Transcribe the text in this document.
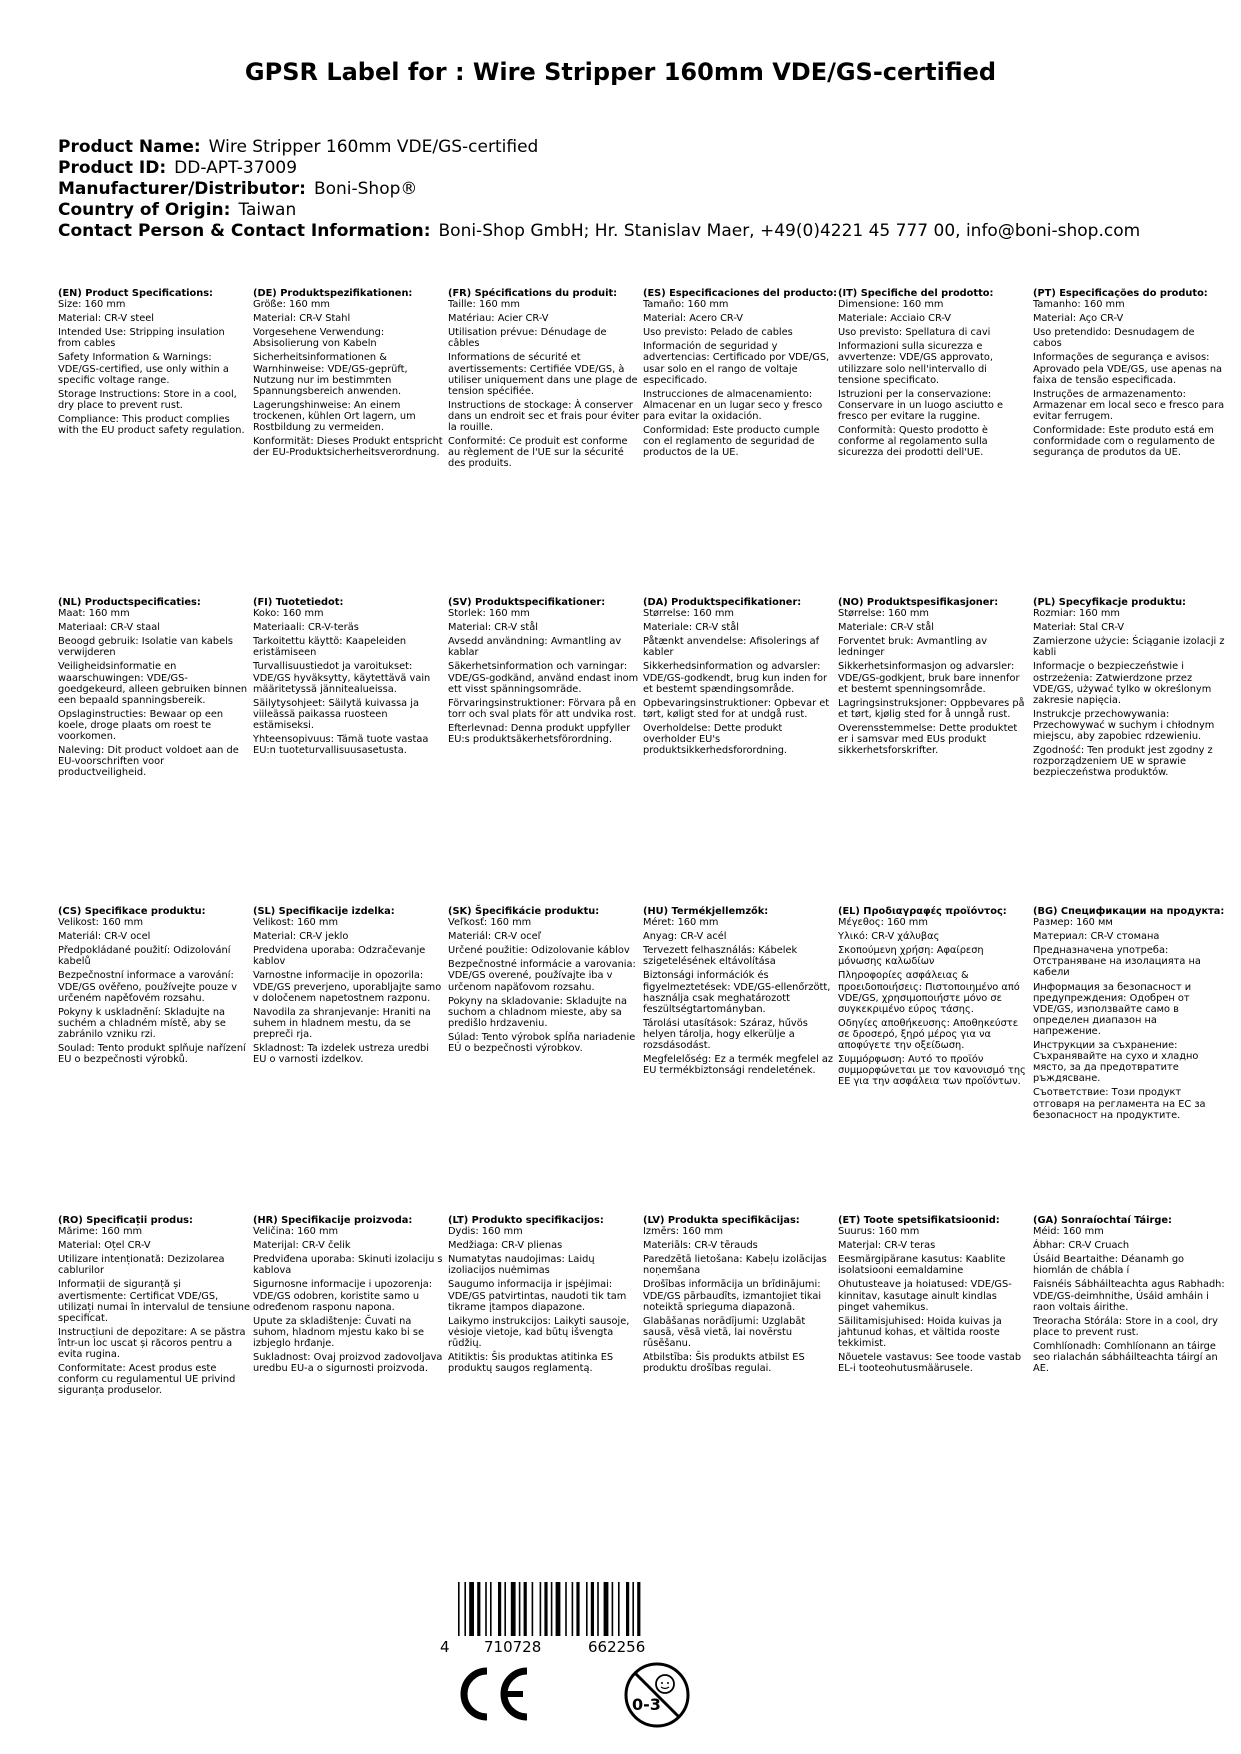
GPSR Label for : Wire Stripper 160mm VDE/GS-certified
Product Name: Wire Stripper 160mm VDE/GS-certified
Product ID: DD-APT-37009
Manufacturer/Distributor: Boni-Shop®
Country of Origin: Taiwan
Contact Person & Contact Information: Boni-Shop GmbH; Hr. Stanislav Maer, +49(0)4221 45 777 00, info@boni-shop.com
(EN) Product Specifications:
Size: 160 mm
Material: CR-V steel
Intended Use: Stripping insulation from cables
Safety Information & Warnings: VDE/GS-certified, use only within a specific voltage range.
Storage Instructions: Store in a cool, dry place to prevent rust.
Compliance: This product complies with the EU product safety regulation.
(DE) Produktspezifikationen:
Größe: 160 mm
Material: CR-V Stahl
Vorgesehene Verwendung: Absisolierung von Kabeln
Sicherheitsinformationen & Warnhinweise: VDE/GS-geprüft, Nutzung nur im bestimmten Spannungsbereich anwenden.
Lagerungshinweise: An einem trockenen, kühlen Ort lagern, um Rostbildung zu vermeiden.
Konformität: Dieses Produkt entspricht der EU-Produktsicherheitsverordnung.
(FR) Spécifications du produit:
Taille: 160 mm
Matériau: Acier CR-V
Utilisation prévue: Dénudage de câbles
Informations de sécurité et avertissements: Certifiée VDE/GS, à utiliser uniquement dans une plage de tension spécifiée.
Instructions de stockage: À conserver dans un endroit sec et frais pour éviter la rouille.
Conformité: Ce produit est conforme au règlement de l'UE sur la sécurité des produits.
(ES) Especificaciones del producto:
Tamaño: 160 mm
Material: Acero CR-V
Uso previsto: Pelado de cables
Información de seguridad y advertencias: Certificado por VDE/GS, usar solo en el rango de voltaje especificado.
Instrucciones de almacenamiento: Almacenar en un lugar seco y fresco para evitar la oxidación.
Conformidad: Este producto cumple con el reglamento de seguridad de productos de la UE.
(IT) Specifiche del prodotto:
Dimensione: 160 mm
Materiale: Acciaio CR-V
Uso previsto: Spellatura di cavi
Informazioni sulla sicurezza e avvertenze: VDE/GS approvato, utilizzare solo nell'intervallo di tensione specificato.
Istruzioni per la conservazione: Conservare in un luogo asciutto e fresco per evitare la ruggine.
Conformità: Questo prodotto è conforme al regolamento sulla sicurezza dei prodotti dell'UE.
(PT) Especificações do produto:
Tamanho: 160 mm
Material: Aço CR-V
Uso pretendido: Desnudagem de cabos
Informações de segurança e avisos: Aprovado pela VDE/GS, use apenas na faixa de tensão especificada.
Instruções de armazenamento: Armazenar em local seco e fresco para evitar ferrugem.
Conformidade: Este produto está em conformidade com o regulamento de segurança de produtos da UE.
(NL) Productspecificaties:
Maat: 160 mm
Materiaal: CR-V staal
Beoogd gebruik: Isolatie van kabels verwijderen
Veiligheidsinformatie en waarschuwingen: VDE/GS-goedgekeurd, alleen gebruiken binnen een bepaald spanningsbereik.
Opslaginstructies: Bewaar op een koele, droge plaats om roest te voorkomen.
Naleving: Dit product voldoet aan de EU-voorschriften voor productveiligheid.
(FI) Tuotetiedot:
Koko: 160 mm
Materiaali: CR-V-teräs
Tarkoitettu käyttö: Kaapeleiden eristämiseen
Turvallisuustiedot ja varoitukset: VDE/GS hyväksytty, käytettävä vain määritetyssä jännitealueissa.
Säilytysohjeet: Säilytä kuivassa ja viileässä paikassa ruosteen estämiseksi.
Yhteensopivuus: Tämä tuote vastaa EU:n tuoteturvallisuusasetusta.
(SV) Produktspecifikationer:
Storlek: 160 mm
Material: CR-V stål
Avsedd användning: Avmantling av kablar
Säkerhetsinformation och varningar: VDE/GS-godkänd, använd endast inom ett visst spänningsomräde.
Förvaringsinstruktioner: Förvara på en torr och sval plats för att undvika rost.
Efterlevnad: Denna produkt uppfyller EU:s produktsäkerhetsförordning.
(DA) Produktspecifikationer:
Størrelse: 160 mm
Materiale: CR-V stål
Påtænkt anvendelse: Afisolerings af kabler
Sikkerhedsinformation og advarsler: VDE/GS-godkendt, brug kun inden for et bestemt spændingsområde.
Opbevaringsinstruktioner: Opbevar et tørt, køligt sted for at undgå rust.
Overholdelse: Dette produkt overholder EU's produktsikkerhedsforordning.
(NO) Produktspesifikasjoner:
Størrelse: 160 mm
Materiale: CR-V stål
Forventet bruk: Avmantling av ledninger
Sikkerhetsinformasjon og advarsler: VDE/GS-godkjent, bruk bare innenfor et bestemt spenningsområde.
Lagringsinstruksjoner: Oppbevares på et tørt, kjølig sted for å unngå rust.
Overensstemmelse: Dette produktet er i samsvar med EUs produkt sikkerhetsforskrifter.
(PL) Specyfikacje produktu:
Rozmiar: 160 mm
Materiał: Stal CR-V
Zamierzone użycie: Ściąganie izolacji z kabli
Informacje o bezpieczeństwie i ostrzeżenia: Zatwierdzone przez VDE/GS, używać tylko w określonym zakresie napięcia.
Instrukcje przechowywania: Przechowywać w suchym i chłodnym miejscu, aby zapobiec rdzewieniu.
Zgodność: Ten produkt jest zgodny z rozporządzeniem UE w sprawie bezpieczeństwa produktów.
(CS) Specifikace produktu:
Velikost: 160 mm
Materiál: CR-V ocel
Předpokládané použití: Odizolování kabelů
Bezpečnostní informace a varování: VDE/GS ověřeno, používejte pouze v určeném napěťovém rozsahu.
Pokyny k uskladnění: Skladujte na suchém a chladném místě, aby se zabránilo vzniku rzi.
Soulad: Tento produkt splňuje nařízení EU o bezpečnosti výrobků.
(SL) Specifikacije izdelka:
Velikost: 160 mm
Material: CR-V jeklo
Predvidena uporaba: Odzračevanje kablov
Varnostne informacije in opozorila: VDE/GS preverjeno, uporabljajte samo v določenem napetostnem razponu.
Navodila za shranjevanje: Hraniti na suhem in hladnem mestu, da se prepreči rja.
Skladnost: Ta izdelek ustreza uredbi EU o varnosti izdelkov.
(SK) Špecifikácie produktu:
Veľkosť: 160 mm
Materiál: CR-V oceľ
Určené použitie: Odizolovanie káblov
Bezpečnostné informácie a varovania: VDE/GS overené, používajte iba v určenom napäťovom rozsahu.
Pokyny na skladovanie: Skladujte na suchom a chladnom mieste, aby sa predišlo hrdzaveniu.
Súlad: Tento výrobok spĺňa nariadenie EÚ o bezpečnosti výrobkov.
(HU) Termékjellemzők:
Méret: 160 mm
Anyag: CR-V acél
Tervezett felhasználás: Kábelek szigetelésének eltávolítása
Biztonsági információk és figyelmeztetések: VDE/GS-ellenőrzött, használja csak meghatározott feszültségtartományban.
Tárolási utasítások: Száraz, hűvös helyen tárolja, hogy elkerülje a rozsdásodást.
Megfelelőség: Ez a termék megfelel az EU termékbiztonsági rendeletének.
(EL) Προδιαγραφές προϊόντος:
Μέγεθος: 160 mm
Υλικό: CR-V χάλυβας
Σκοπούμενη χρήση: Αφαίρεση μόνωσης καλωδίων
Πληροφορίες ασφάλειας & προειδοποιήσεις: Πιστοποιημένο από VDE/GS, χρησιμοποιήστε μόνο σε συγκεκριμένο εύρος τάσης.
Οδηγίες αποθήκευσης: Αποθηκεύστε σε δροσερό, ξηρό μέρος για να αποφύγετε την οξείδωση.
Συμμόρφωση: Αυτό το προϊόν συμμορφώνεται με τον κανονισμό της ΕΕ για την ασφάλεια των προϊόντων.
(BG) Спецификации на продукта:
Размер: 160 мм
Материал: CR-V стомана
Предназначена употреба: Отстраняване на изолацията на кабели
Информация за безопасност и предупреждения: Одобрен от VDE/GS, използвайте само в определен диапазон на напрежение.
Инструкции за съхранение: Съхранявайте на сухо и хладно място, за да предотвратите ръждясване.
Съответствие: Този продукт отговаря на регламента на ЕС за безопасност на продуктите.
(RO) Specificații produs:
Mărime: 160 mm
Material: Oțel CR-V
Utilizare intenționată: Dezizolarea cablurilor
Informații de siguranță și avertismente: Certificat VDE/GS, utilizați numai în intervalul de tensiune specificat.
Instrucțiuni de depozitare: A se păstra într-un loc uscat și răcoros pentru a evita rugina.
Conformitate: Acest produs este conform cu regulamentul UE privind siguranța produselor.
(HR) Specifikacije proizvoda:
Veličina: 160 mm
Materijal: CR-V čelik
Predviđena uporaba: Skinuti izolaciju s kablova
Sigurnosne informacije i upozorenja: VDE/GS odobren, koristite samo u određenom rasponu napona.
Upute za skladištenje: Čuvati na suhom, hladnom mjestu kako bi se izbjeglo hrđanje.
Sukladnost: Ovaj proizvod zadovoljava uredbu EU-a o sigurnosti proizvoda.
(LT) Produkto specifikacijos:
Dydis: 160 mm
Medžiaga: CR-V plienas
Numatytas naudojimas: Laidų izoliacijos nuėmimas
Saugumo informacija ir įspėjimai: VDE/GS patvirtintas, naudoti tik tam tikrame įtampos diapazone.
Laikymo instrukcijos: Laikyti sausoje, vėsioje vietoje, kad būtų išvengta rūdžių.
Atitiktis: Šis produktas atitinka ES produktų saugos reglamentą.
(LV) Produkta specifikācijas:
Izmērs: 160 mm
Materiāls: CR-V tērauds
Paredzētā lietošana: Kabeļu izolācijas noņemšana
Drošības informācija un brīdinājumi: VDE/GS pārbaudīts, izmantojiet tikai noteiktā sprieguma diapazonā.
Glabāšanas norādījumi: Uzglabāt sausā, vēsā vietā, lai novērstu rūsēšanu.
Atbilstība: Šis produkts atbilst ES produktu drošības regulai.
(ET) Toote spetsifikatsioonid:
Suurus: 160 mm
Materjal: CR-V teras
Eesmärgipärane kasutus: Kaablite isolatsiooni eemaldamine
Ohutusteave ja hoiatused: VDE/GS-kinnitav, kasutage ainult kindlas pinget vahemikus.
Säilitamisjuhised: Hoida kuivas ja jahtunud kohas, et vältida rooste tekkimist.
Nõuetele vastavus: See toode vastab EL-i tooteohutusmäärusele.
(GA) Sonraíochtaí Táirge:
Méid: 160 mm
Ábhar: CR-V Cruach
Úsáid Beartaithe: Déanamh go hiomlán de chábla í
Faisnéis Sábháilteachta agus Rabhadh: VDE/GS-deimhnithe, Úsáid amháin i raon voltais áirithe.
Treoracha Stórála: Store in a cool, dry place to prevent rust.
Comhlíonadh: Comhlíonann an táirge seo rialachán sábháilteachta táirgí an AE.
4 710728	662256
0-3
